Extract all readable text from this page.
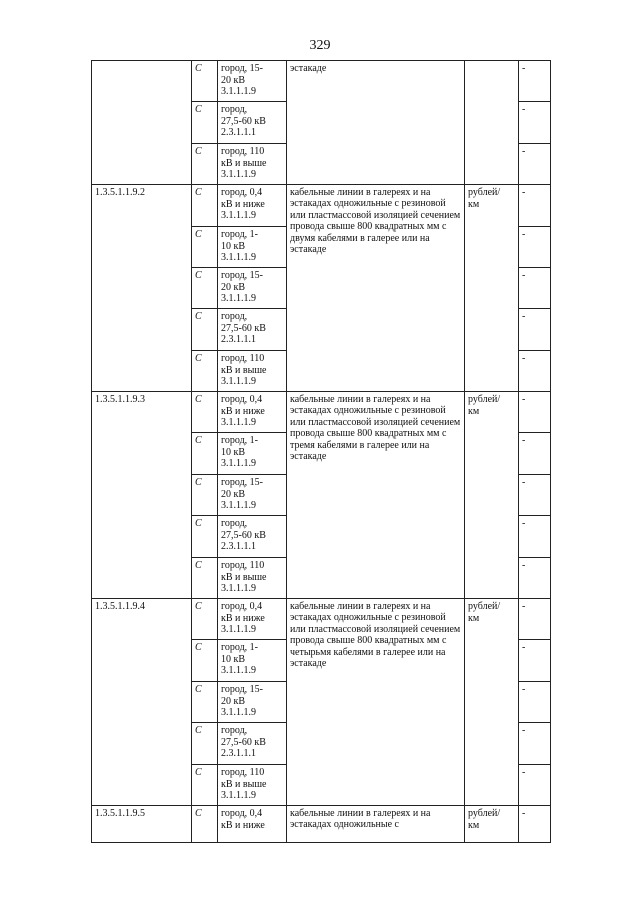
329
	C	город, 15-
20 кВ
3.1.1.1.9	эстакаде		-
	C	город,
27,5-60 кВ
2.3.1.1.1			-
	C	город, 110
кВ и выше
3.1.1.1.9			-
1.3.5.1.1.9.2	C	город, 0,4
кВ и ниже
3.1.1.1.9	кабельные линии в галереях и на эстакадах одножильные с резиновой или пластмассовой изоляцией сечением провода свыше 800 квадратных мм с двумя кабелями в галерее или на эстакаде	рублей/
км	-
	C	город, 1-
10 кВ
3.1.1.1.9			-
	C	город, 15-
20 кВ
3.1.1.1.9			-
	C	город,
27,5-60 кВ
2.3.1.1.1			-
	C	город, 110
кВ и выше
3.1.1.1.9			-
1.3.5.1.1.9.3	C	город, 0,4
кВ и ниже
3.1.1.1.9	кабельные линии в галереях и на эстакадах одножильные с резиновой или пластмассовой изоляцией сечением провода свыше 800 квадратных мм с тремя кабелями в галерее или на эстакаде	рублей/
км	-
	C	город, 1-
10 кВ
3.1.1.1.9			-
	C	город, 15-
20 кВ
3.1.1.1.9			-
	C	город,
27,5-60 кВ
2.3.1.1.1			-
	C	город, 110
кВ и выше
3.1.1.1.9			-
1.3.5.1.1.9.4	C	город, 0,4
кВ и ниже
3.1.1.1.9	кабельные линии в галереях и на эстакадах одножильные с резиновой или пластмассовой изоляцией сечением провода свыше 800 квадратных мм с четырьмя кабелями в галерее или на эстакаде	рублей/
км	-
	C	город, 1-
10 кВ
3.1.1.1.9			-
	C	город, 15-
20 кВ
3.1.1.1.9			-
	C	город,
27,5-60 кВ
2.3.1.1.1			-
	C	город, 110
кВ и выше
3.1.1.1.9			-
1.3.5.1.1.9.5	C	город, 0,4
кВ и ниже	кабельные линии в галереях и на эстакадах одножильные с	рублей/
км	-
